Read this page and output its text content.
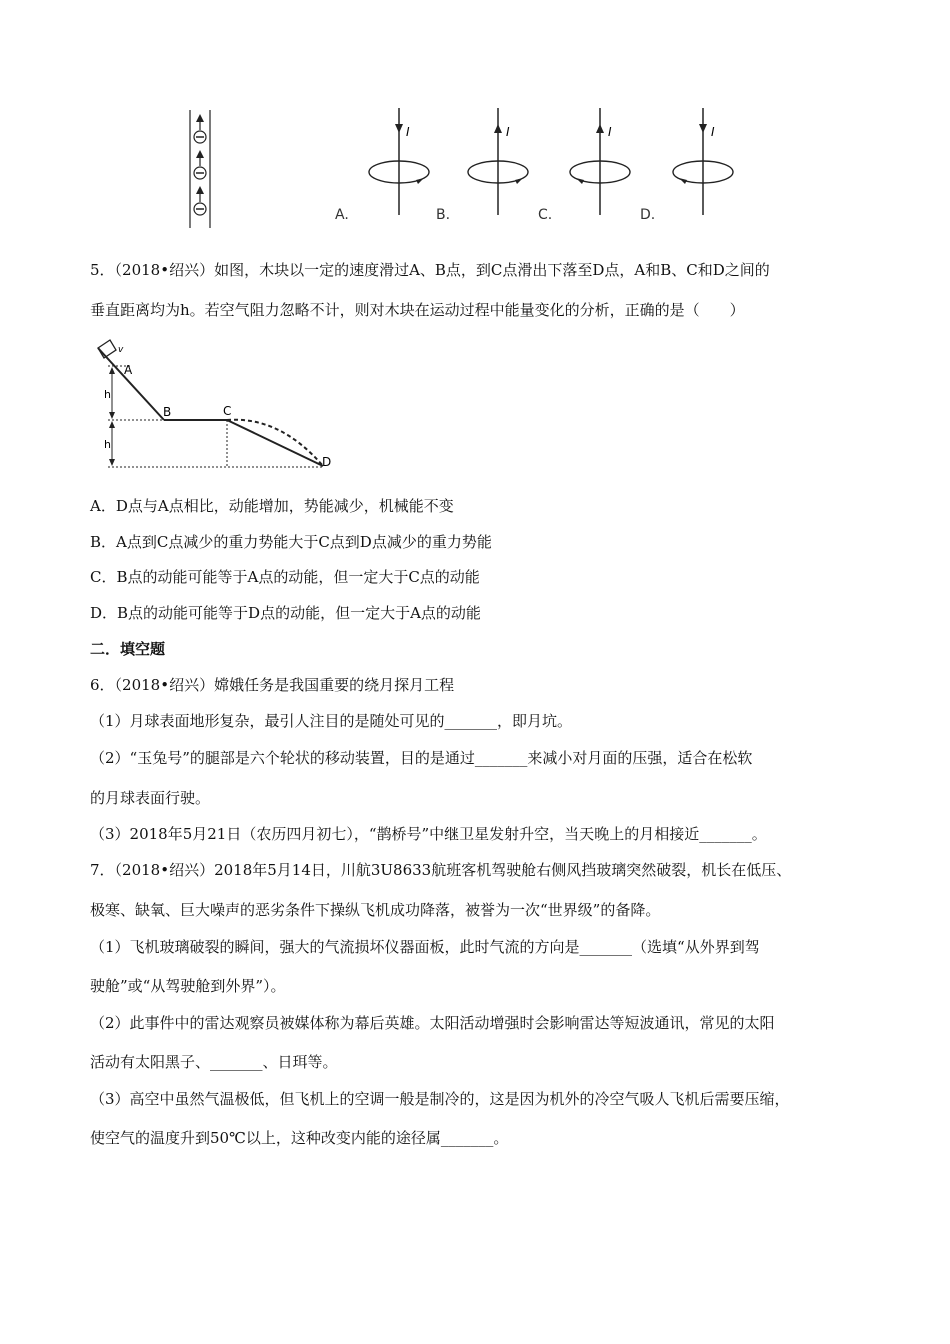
I	I	I	I
A.	B.	C.	D.
5．（2018•绍兴）如图，木块以一定的速度滑过A、B点，到C点滑出下落至D点，A和B、C和D之间的
垂直距离均为h。若空气阻力忽略不计，则对木块在运动过程中能量变化的分析，正确的是（　　）
h
h
v
A
B	C
D
A．D点与A点相比，动能增加，势能减少，机械能不变
B．A点到C点减少的重力势能大于C点到D点减少的重力势能
C．B点的动能可能等于A点的动能，但一定大于C点的动能
D．B点的动能可能等于D点的动能，但一定大于A点的动能
二．填空题
6．（2018•绍兴）嫦娥任务是我国重要的绕月探月工程
（1）月球表面地形复杂，最引人注目的是随处可见的_______，即月坑。
（2）“玉兔号”的腿部是六个轮状的移动装置，目的是通过_______来减小对月面的压强，适合在松软
的月球表面行驶。
（3）2018年5月21日（农历四月初七），“鹊桥号”中继卫星发射升空，当天晚上的月相接近_______。
7．（2018•绍兴）2018年5月14日，川航3U8633航班客机驾驶舱右侧风挡玻璃突然破裂，机长在低压、
极寒、缺氧、巨大噪声的恶劣条件下操纵飞机成功降落，被誉为一次“世界级”的备降。
（1）飞机玻璃破裂的瞬间，强大的气流损坏仪器面板，此时气流的方向是_______（选填“从外界到驾
驶舱”或“从驾驶舱到外界”）。
（2）此事件中的雷达观察员被媒体称为幕后英雄。太阳活动增强时会影响雷达等短波通讯，常见的太阳
活动有太阳黑子、_______、日珥等。
（3）高空中虽然气温极低，但飞机上的空调一般是制冷的，这是因为机外的冷空气吸人飞机后需要压缩，
使空气的温度升到50℃以上，这种改变内能的途径属_______。
